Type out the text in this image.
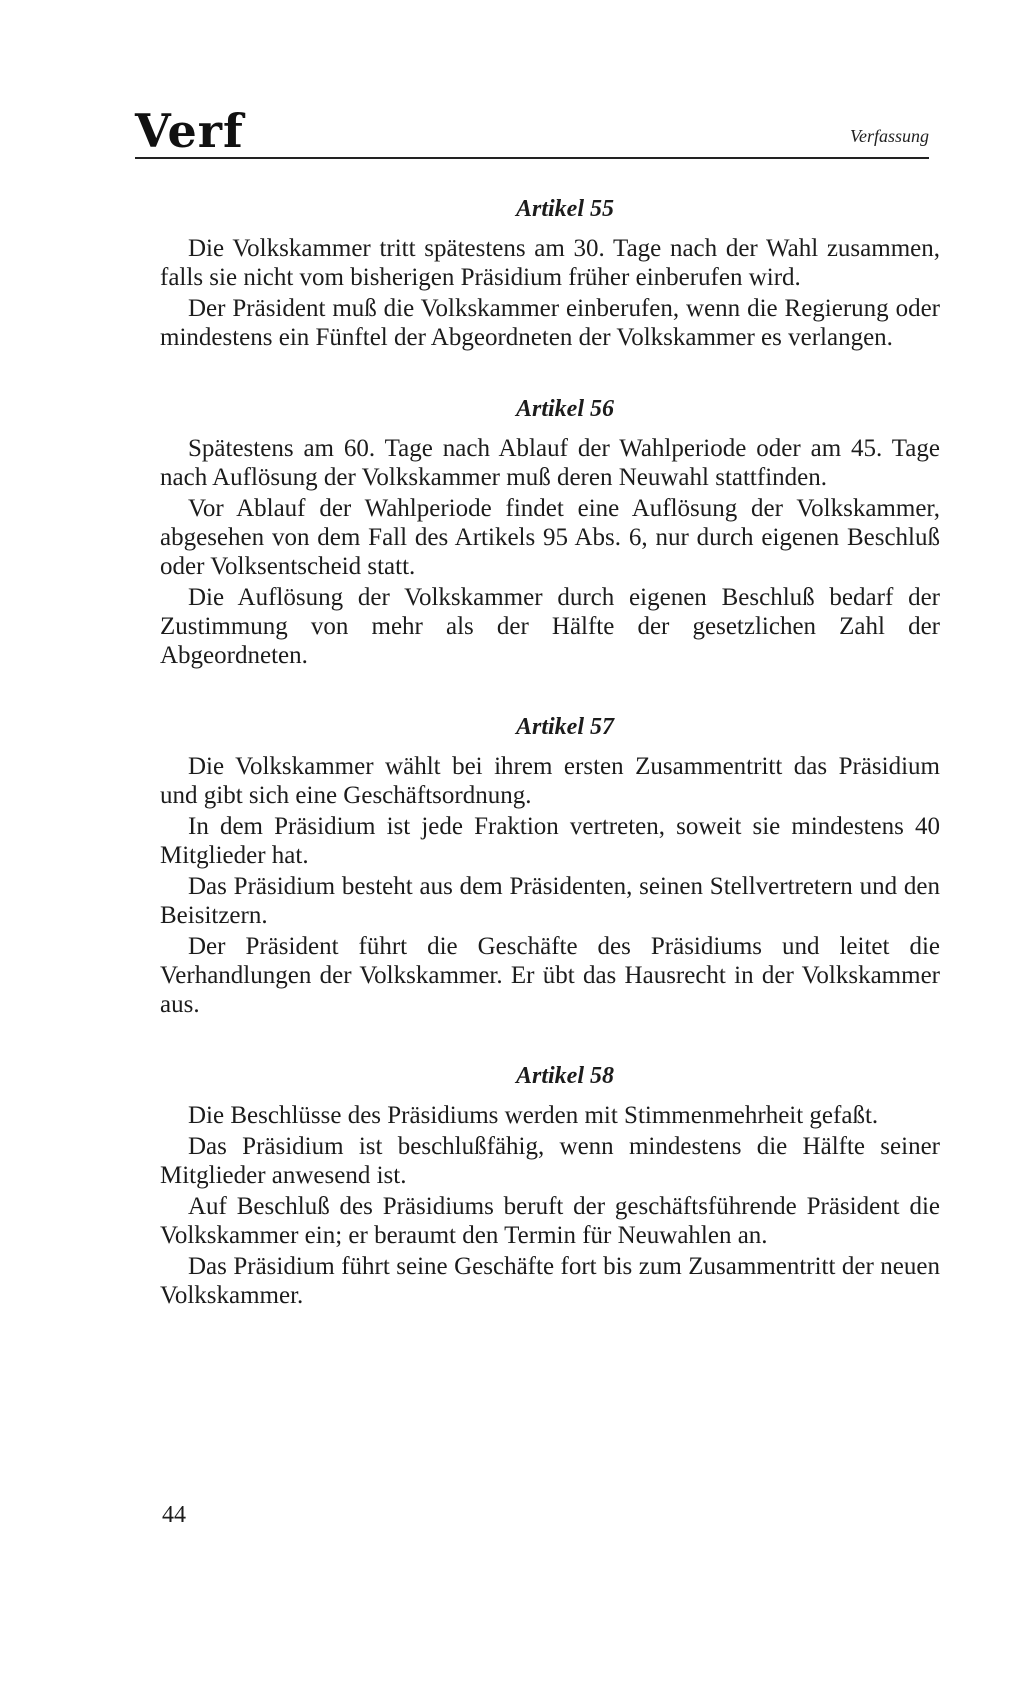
Verf	Verfassung
Artikel 55

Die Volkskammer tritt spätestens am 30. Tage nach der Wahl zusammen, falls sie nicht vom bisherigen Präsidium früher einberufen wird.

Der Präsident muß die Volkskammer einberufen, wenn die Regierung oder mindestens ein Fünftel der Abgeordneten der Volkskammer es verlangen.

Artikel 56

Spätestens am 60. Tage nach Ablauf der Wahlperiode oder am 45. Tage nach Auflösung der Volkskammer muß deren Neuwahl stattfinden.

Vor Ablauf der Wahlperiode findet eine Auflösung der Volkskammer, abgesehen von dem Fall des Artikels 95 Abs. 6, nur durch eigenen Beschluß oder Volksentscheid statt.

Die Auflösung der Volkskammer durch eigenen Beschluß bedarf der Zustimmung von mehr als der Hälfte der gesetzlichen Zahl der Abgeordneten.

Artikel 57

Die Volkskammer wählt bei ihrem ersten Zusammentritt das Präsidium und gibt sich eine Geschäftsordnung.

In dem Präsidium ist jede Fraktion vertreten, soweit sie mindestens 40 Mitglieder hat.

Das Präsidium besteht aus dem Präsidenten, seinen Stellvertretern und den Beisitzern.

Der Präsident führt die Geschäfte des Präsidiums und leitet die Verhandlungen der Volkskammer. Er übt das Hausrecht in der Volkskammer aus.

Artikel 58

Die Beschlüsse des Präsidiums werden mit Stimmenmehrheit gefaßt.

Das Präsidium ist beschlußfähig, wenn mindestens die Hälfte seiner Mitglieder anwesend ist.

Auf Beschluß des Präsidiums beruft der geschäftsführende Präsident die Volkskammer ein; er beraumt den Termin für Neuwahlen an.

Das Präsidium führt seine Geschäfte fort bis zum Zusammentritt der neuen Volkskammer.

44
